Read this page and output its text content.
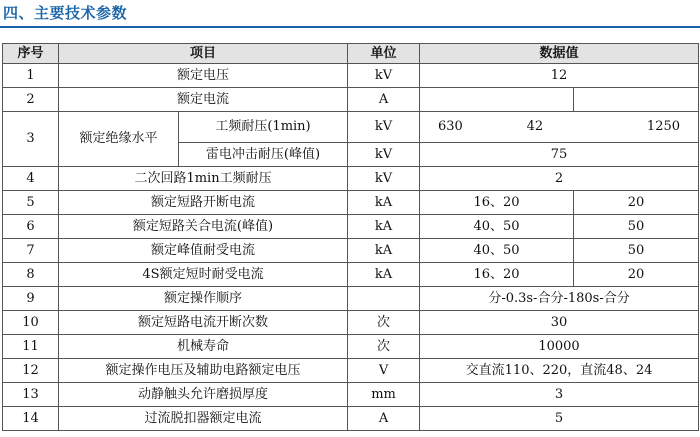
四、主要技术参数
序号	项目		单位	数据值	
1	额定电压		kV	12	
2	额定电流		A		
3	额定绝缘水平	工频耐压(1min)	kV	630 42 1250	

		雷电冲击耐压(峰值)	kV	75	
4	二次回路1min工频耐压		kV	2	
5	额定短路开断电流		kA	16、20	20
6	额定短路关合电流(峰值)		kA	40、50	50
7	额定峰值耐受电流		kA	40、50	50
8	4S额定短时耐受电流		kA	16、20	20
9	额定操作顺序			分-0.3s-合分-180s-合分	
10	额定短路电流开断次数		次	30	
11	机械寿命		次	10000	
12	额定操作电压及辅助电路额定电压		V	交直流110、220，直流48、24	
13	动静触头允许磨损厚度		mm	3	
14	过流脱扣器额定电流		A	5	
